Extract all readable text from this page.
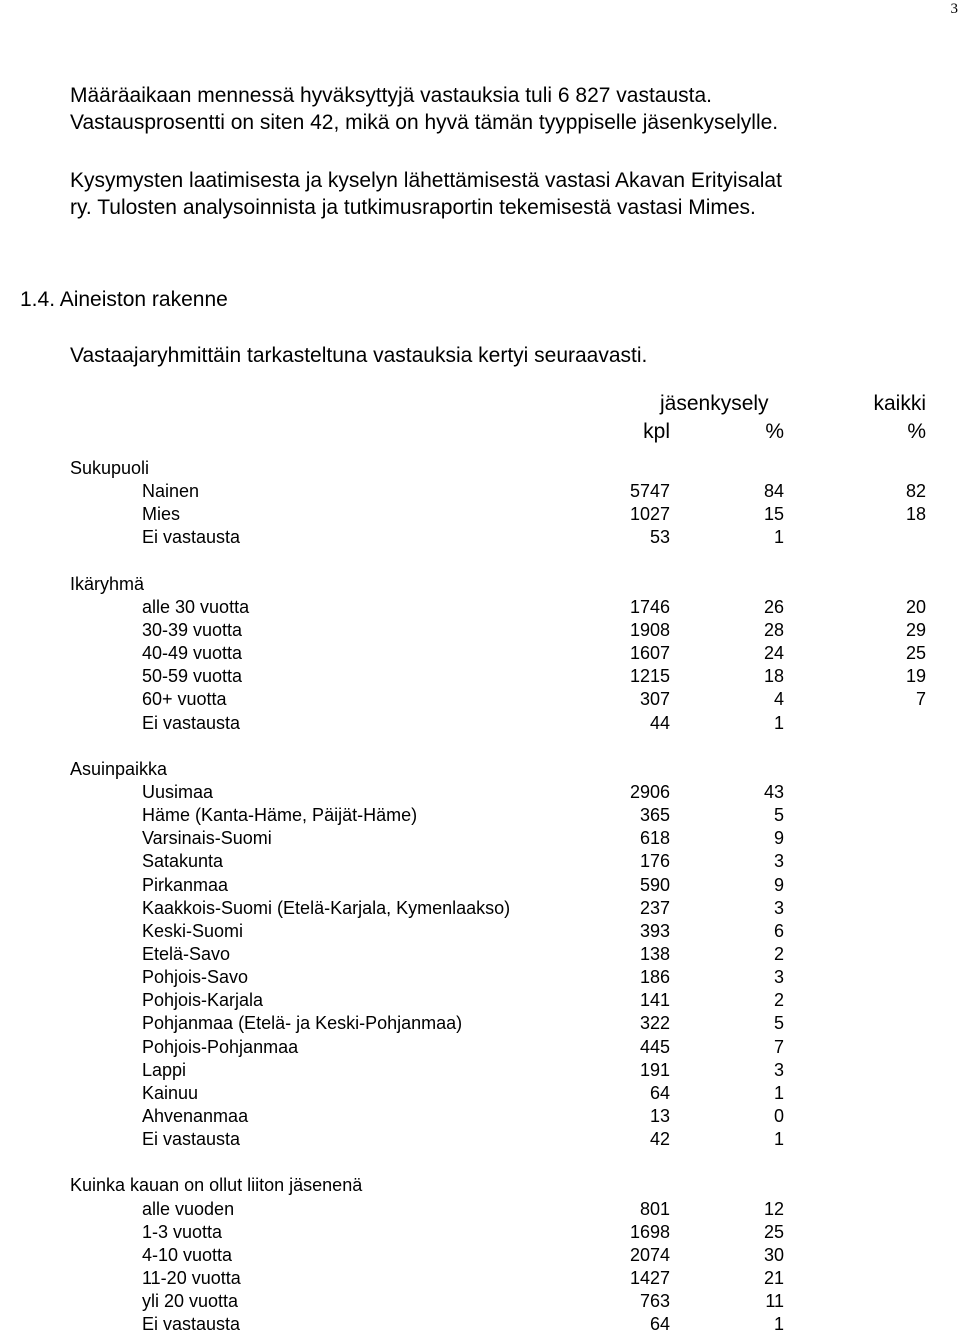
3
Määräaikaan mennessä hyväksyttyjä vastauksia tuli 6 827 vastausta.
Vastausprosentti on siten 42, mikä on hyvä tämän tyyppiselle jäsenkyselylle.
Kysymysten laatimisesta ja kyselyn lähettämisestä vastasi Akavan Erityisalat
ry. Tulosten analysoinnista ja tutkimusraportin tekemisestä vastasi Mimes.
1.4. Aineiston rakenne

Vastaajaryhmittäin tarkasteltuna vastauksia kertyi seuraavasti.

jäsenkysely	kaikki
kpl	%	%
Sukupuoli
Nainen	5747	84	82
Mies	1027	15	18
Ei vastausta	53	1
Ikäryhmä
alle 30 vuotta	1746	26	20
30-39 vuotta	1908	28	29
40-49 vuotta	1607	24	25
50-59 vuotta	1215	18	19
60+ vuotta	307	4	7
Ei vastausta	44	1
Asuinpaikka
Uusimaa	2906	43
Häme (Kanta-Häme, Päijät-Häme)	365	5
Varsinais-Suomi	618	9
Satakunta	176	3
Pirkanmaa	590	9
Kaakkois-Suomi (Etelä-Karjala, Kymenlaakso)	237	3
Keski-Suomi	393	6
Etelä-Savo	138	2
Pohjois-Savo	186	3
Pohjois-Karjala	141	2
Pohjanmaa (Etelä- ja Keski-Pohjanmaa)	322	5
Pohjois-Pohjanmaa	445	7
Lappi	191	3
Kainuu	64	1
Ahvenanmaa	13	0
Ei vastausta	42	1
Kuinka kauan on ollut liiton jäsenenä
alle vuoden	801	12
1-3 vuotta	1698	25
4-10 vuotta	2074	30
11-20 vuotta	1427	21
yli 20 vuotta	763	11
Ei vastausta	64	1
